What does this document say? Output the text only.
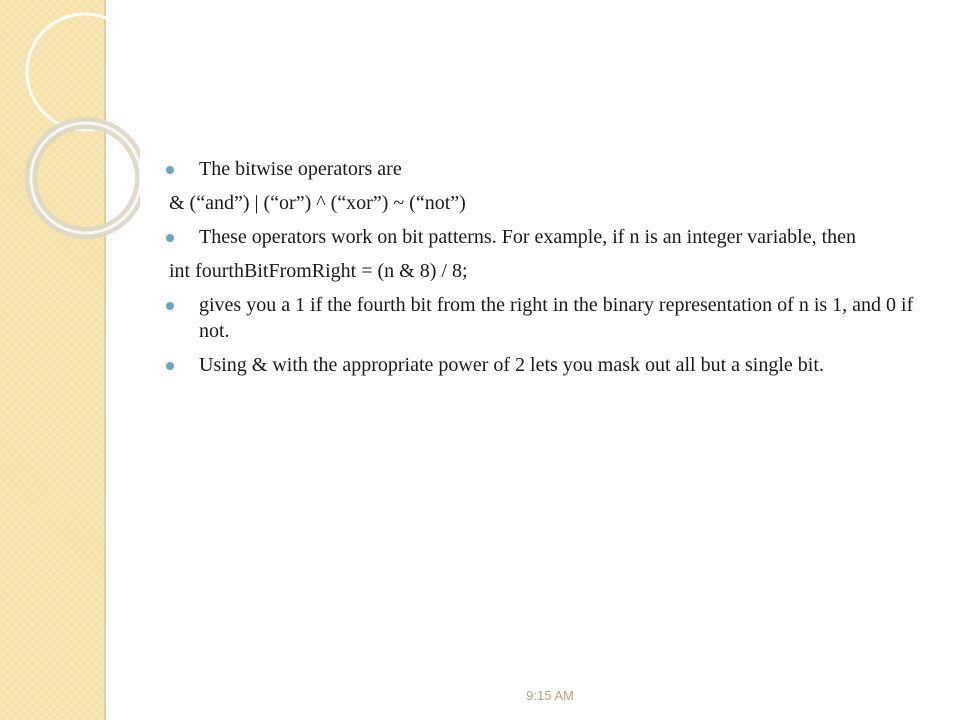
The bitwise operators are
& (“and”) | (“or”) ^ (“xor”) ~ (“not”)
These operators work on bit patterns. For example, if n is an integer variable, then
int fourthBitFromRight = (n & 8) / 8;
gives you a 1 if the fourth bit from the right in the binary representation of n is 1, and 0 if not.
Using & with the appropriate power of 2 lets you mask out all but a single bit.
9:15 AM
